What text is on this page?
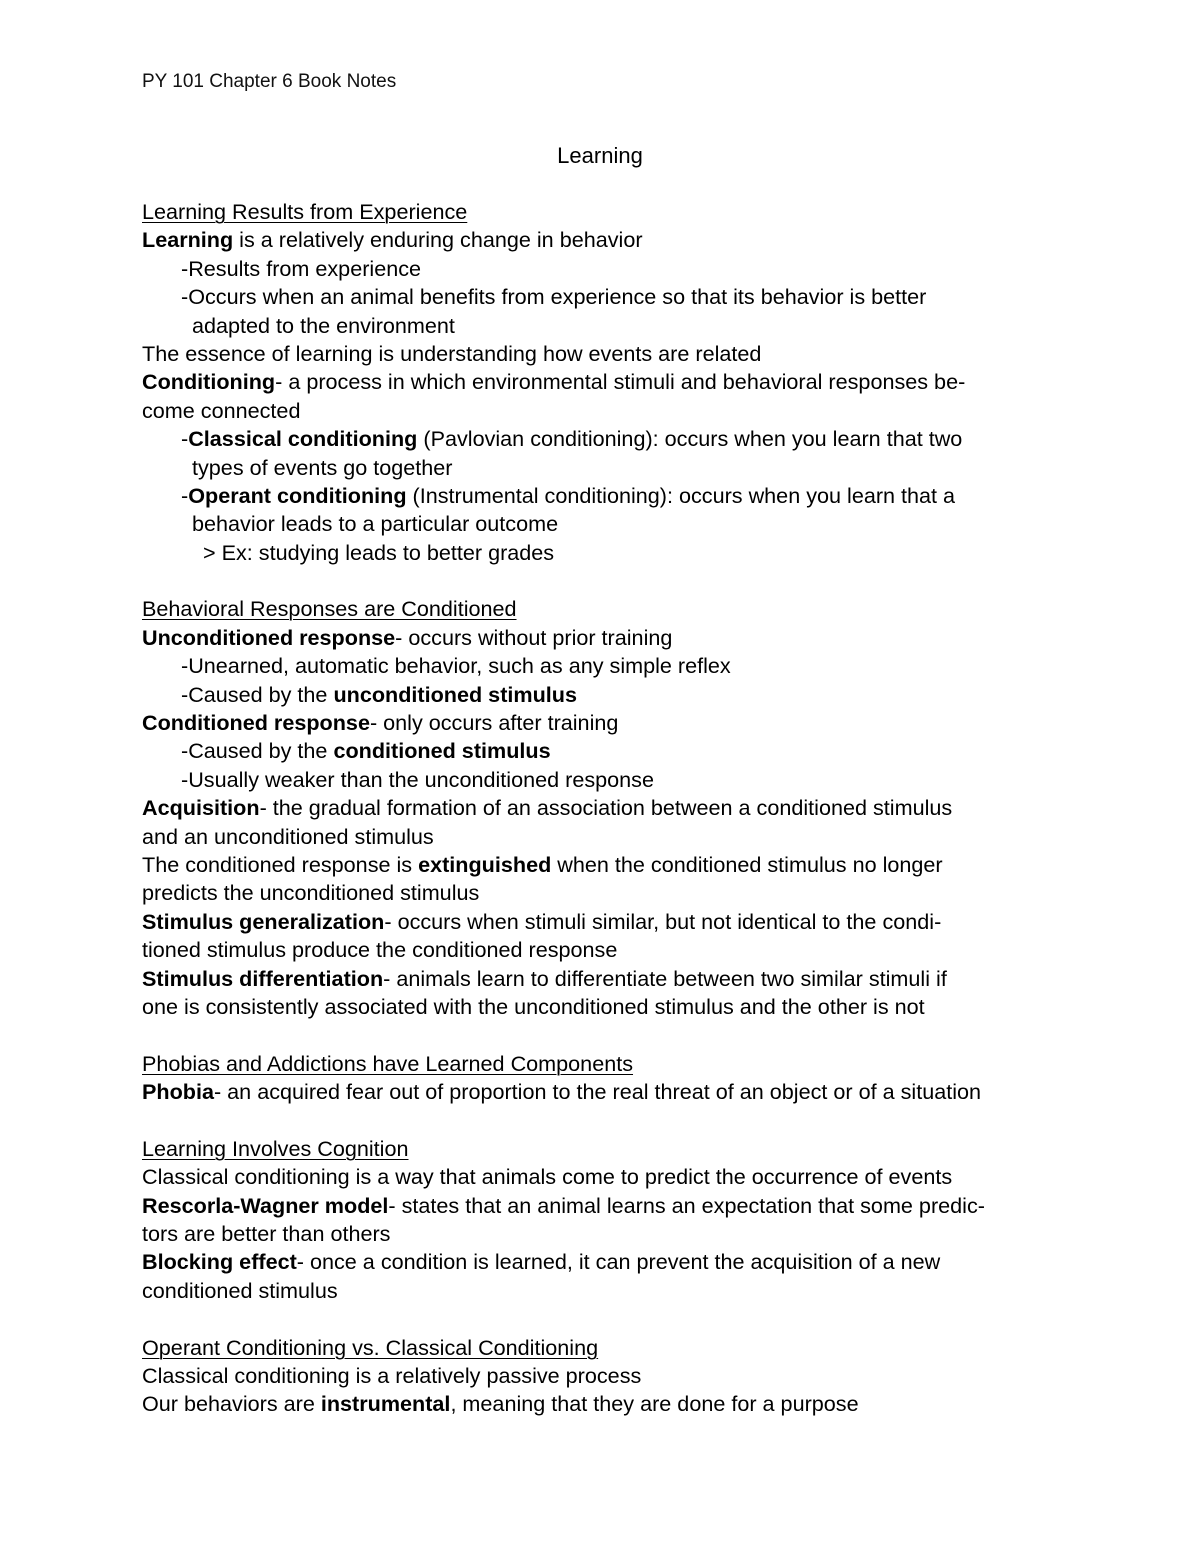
PY 101 Chapter 6 Book Notes
Learning
Learning Results from Experience
Learning is a relatively enduring change in behavior
-Results from experience
-Occurs when an animal benefits from experience so that its behavior is better
adapted to the environment
The essence of learning is understanding how events are related
Conditioning- a process in which environmental stimuli and behavioral responses be-
come connected
-Classical conditioning (Pavlovian conditioning): occurs when you learn that two
types of events go together
-Operant conditioning (Instrumental conditioning): occurs when you learn that a
behavior leads to a particular outcome
> Ex: studying leads to better grades
Behavioral Responses are Conditioned
Unconditioned response- occurs without prior training
-Unearned, automatic behavior, such as any simple reflex
-Caused by the unconditioned stimulus
Conditioned response- only occurs after training
-Caused by the conditioned stimulus
-Usually weaker than the unconditioned response
Acquisition- the gradual formation of an association between a conditioned stimulus
and an unconditioned stimulus
The conditioned response is extinguished when the conditioned stimulus no longer
predicts the unconditioned stimulus
Stimulus generalization- occurs when stimuli similar, but not identical to the condi-
tioned stimulus produce the conditioned response
Stimulus differentiation- animals learn to differentiate between two similar stimuli if
one is consistently associated with the unconditioned stimulus and the other is not
Phobias and Addictions have Learned Components
Phobia- an acquired fear out of proportion to the real threat of an object or of a situation
Learning Involves Cognition
Classical conditioning is a way that animals come to predict the occurrence of events
Rescorla-Wagner model- states that an animal learns an expectation that some predic-
tors are better than others
Blocking effect- once a condition is learned, it can prevent the acquisition of a new
conditioned stimulus
Operant Conditioning vs. Classical Conditioning
Classical conditioning is a relatively passive process
Our behaviors are instrumental, meaning that they are done for a purpose
